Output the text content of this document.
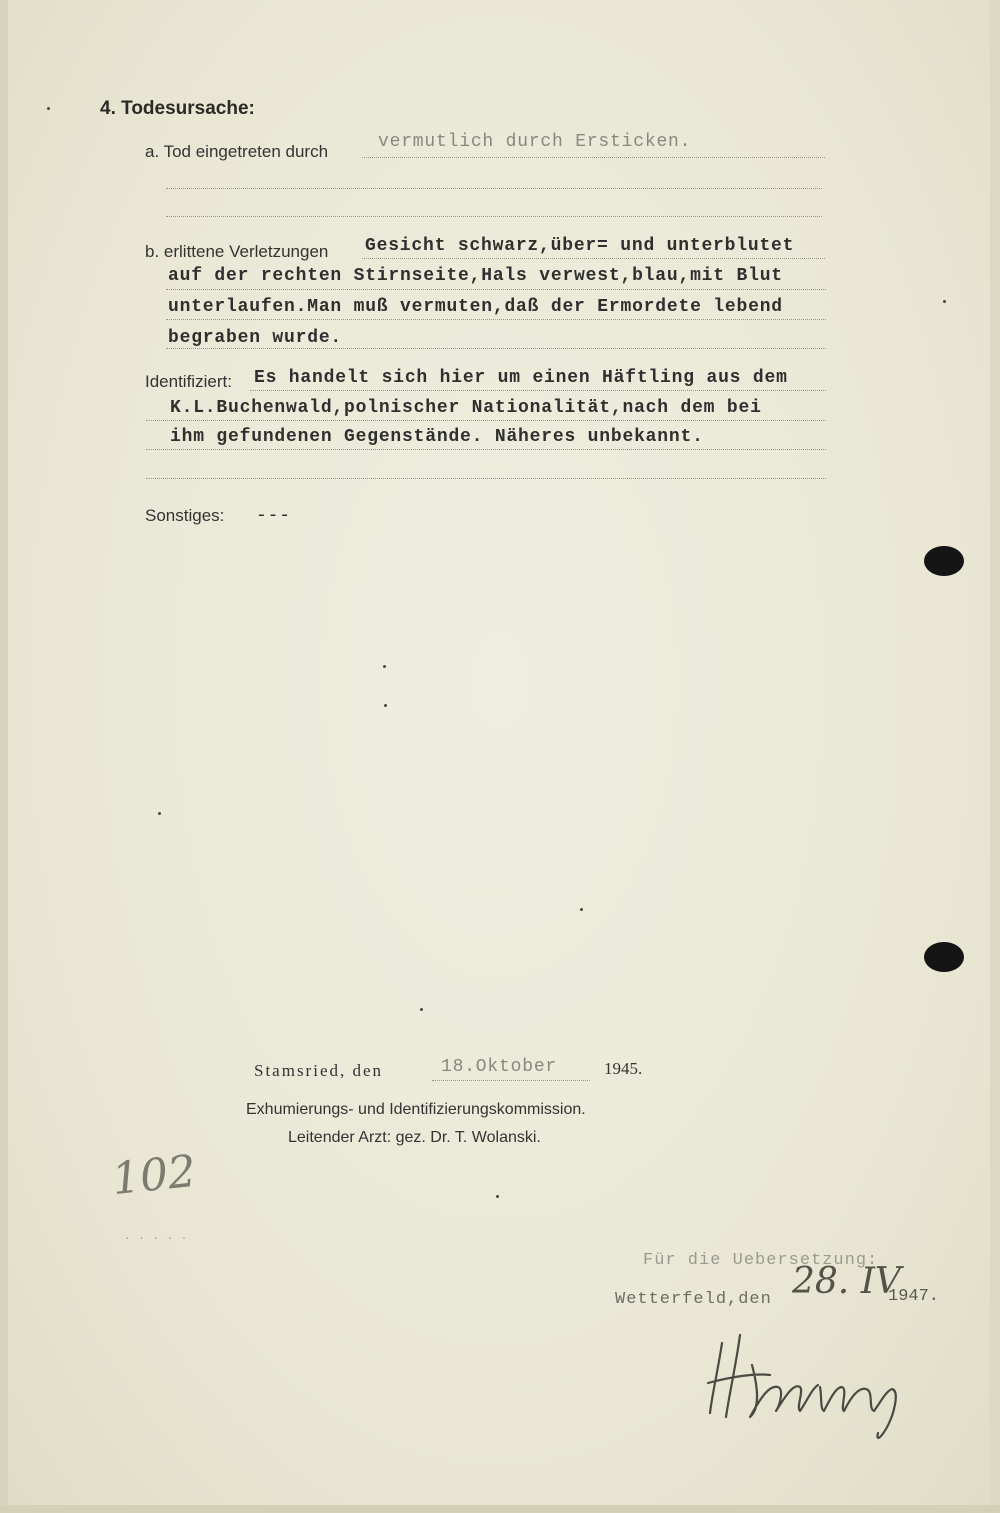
4. Todesursache:
a. Tod eingetreten durch	vermutlich durch Ersticken.
b. erlittene Verletzungen Gesicht schwarz,über= und unterblutet
auf der rechten Stirnseite,Hals verwest,blau,mit Blut
unterlaufen.Man muß vermuten,daß der Ermordete lebend
begraben wurde.
Identifiziert: Es handelt sich hier um einen Häftling aus dem
K.L.Buchenwald,polnischer Nationalität,nach dem bei
ihm gefundenen Gegenstände. Näheres unbekannt.
Sonstiges: ---
Stamsried, den	18.Oktober	1945.
Exhumierungs- und Identifizierungskommission.
Leitender Arzt: gez. Dr. T. Wolanski.
102
· · · · ·
Für die Uebersetzung:
Wetterfeld,den 28. IV
1947.
